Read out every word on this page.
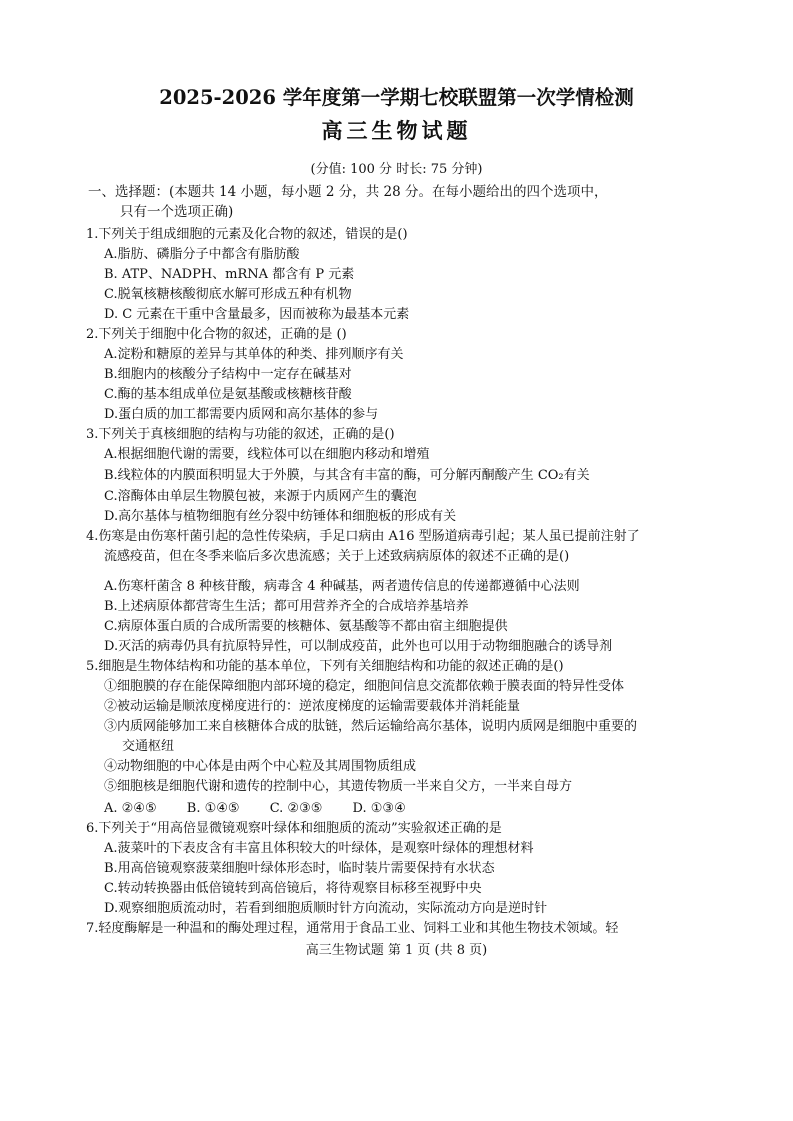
2025-2026 学年度第一学期七校联盟第一次学情检测
高三生物试题
(分值: 100 分 时长: 75 分钟)
一、选择题：(本题共 14 小题，每小题 2 分，共 28 分。在每小题给出的四个选项中，
只有一个选项正确)
1.下列关于组成细胞的元素及化合物的叙述，错误的是()
A.脂肪、磷脂分子中都含有脂肪酸
B. ATP、NADPH、mRNA 都含有 P 元素
C.脱氧核糖核酸彻底水解可形成五种有机物
D. C 元素在干重中含量最多，因而被称为最基本元素
2.下列关于细胞中化合物的叙述，正确的是 ()
A.淀粉和糖原的差异与其单体的种类、排列顺序有关
B.细胞内的核酸分子结构中一定存在碱基对
C.酶的基本组成单位是氨基酸或核糖核苷酸
D.蛋白质的加工都需要内质网和高尔基体的参与
3.下列关于真核细胞的结构与功能的叙述，正确的是()
A.根据细胞代谢的需要，线粒体可以在细胞内移动和增殖
B.线粒体的内膜面积明显大于外膜，与其含有丰富的酶，可分解丙酮酸产生 CO₂有关
C.溶酶体由单层生物膜包被，来源于内质网产生的囊泡
D.高尔基体与植物细胞有丝分裂中纺锤体和细胞板的形成有关
4.伤寒是由伤寒杆菌引起的急性传染病，手足口病由 A16 型肠道病毒引起；某人虽已提前注射了
流感疫苗，但在冬季来临后多次患流感；关于上述致病病原体的叙述不正确的是()
A.伤寒杆菌含 8 种核苷酸，病毒含 4 种碱基，两者遗传信息的传递都遵循中心法则
B.上述病原体都营寄生生活；都可用营养齐全的合成培养基培养
C.病原体蛋白质的合成所需要的核糖体、氨基酸等不都由宿主细胞提供
D.灭活的病毒仍具有抗原特异性，可以制成疫苗，此外也可以用于动物细胞融合的诱导剂
5.细胞是生物体结构和功能的基本单位，下列有关细胞结构和功能的叙述正确的是()
①细胞膜的存在能保障细胞内部环境的稳定，细胞间信息交流都依赖于膜表面的特异性受体
②被动运输是顺浓度梯度进行的：逆浓度梯度的运输需要载体并消耗能量
③内质网能够加工来自核糖体合成的肽链，然后运输给高尔基体，说明内质网是细胞中重要的
交通枢纽
④动物细胞的中心体是由两个中心粒及其周围物质组成
⑤细胞核是细胞代谢和遗传的控制中心，其遗传物质一半来自父方，一半来自母方
A. ②④⑤ B. ①④⑤ C. ②③⑤ D. ①③④
6.下列关于“用高倍显微镜观察叶绿体和细胞质的流动”实验叙述正确的是
A.菠菜叶的下表皮含有丰富且体积较大的叶绿体，是观察叶绿体的理想材料
B.用高倍镜观察菠菜细胞叶绿体形态时，临时装片需要保持有水状态
C.转动转换器由低倍镜转到高倍镜后，将待观察目标移至视野中央
D.观察细胞质流动时，若看到细胞质顺时针方向流动，实际流动方向是逆时针
7.轻度酶解是一种温和的酶处理过程，通常用于食品工业、饲料工业和其他生物技术领域。轻
高三生物试题 第 1 页 (共 8 页)
